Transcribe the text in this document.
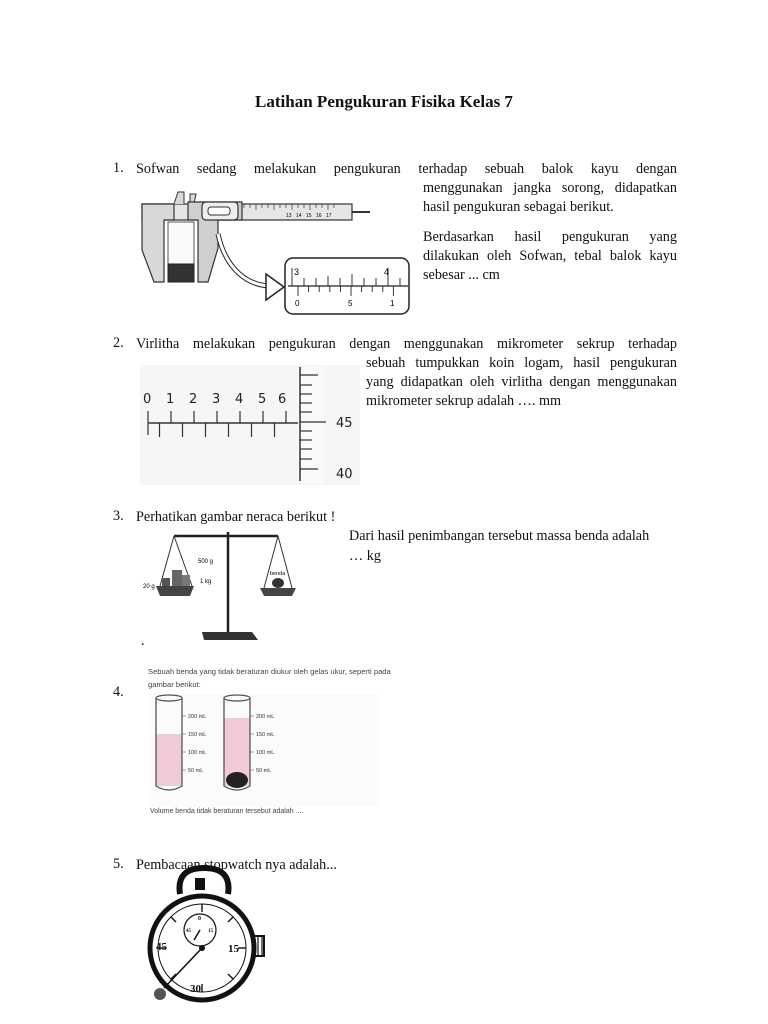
Latihan Pengukuran Fisika Kelas 7
1. Sofwan sedang melakukan pengukuran terhadap sebuah balok kayu dengan
menggunakan jangka sorong, didapatkan
hasil pengukuran sebagai berikut.
Berdasarkan hasil pengukuran yang
dilakukan oleh Sofwan, tebal balok kayu
sebesar ... cm
13 14 15 16 17
3	4
0	5	1
2. Virlitha melakukan pengukuran dengan menggunakan mikrometer sekrup terhadap
sebuah tumpukkan koin logam, hasil pengukuran
yang didapatkan oleh virlitha dengan menggunakan
mikrometer sekrup adalah …. mm
0 1 2 3 4 5 6
45
40
3. Perhatikan gambar neraca berikut !
Dari hasil penimbangan tersebut massa benda adalah
… kg
.
500 g
1 kg
20 g
benda
4.
Sebuah benda yang tidak beraturan diukur oleh gelas ukur, seperti pada
gambar berikut:
Volume benda tidak beraturan tersebut adalah ....
200 mL
150 mL
100 mL
50 mL
200 mL
150 mL
100 mL
50 mL
5. Pembacaan stopwatch nya adalah...
0
15
45
45	15
30
